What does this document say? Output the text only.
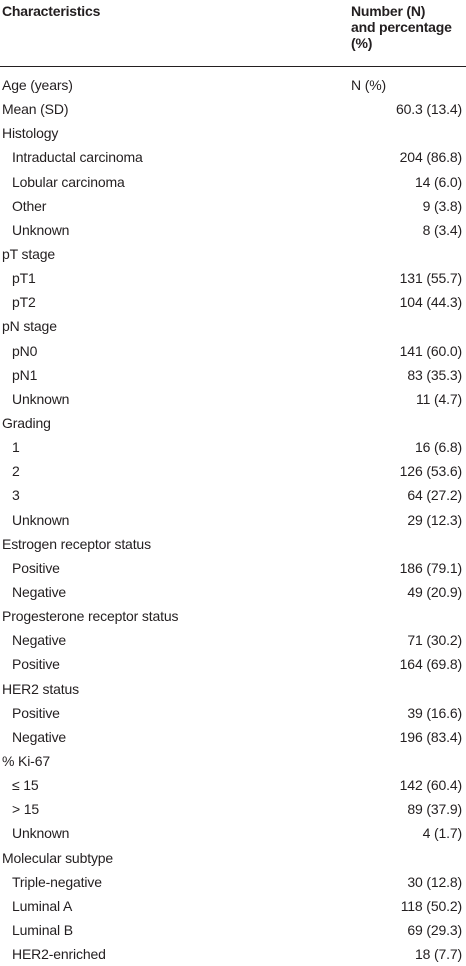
Characteristics	Number (N)
and percentage
(%)
Age (years)	N (%)
Mean (SD)	60.3 (13.4)
Histology
Intraductal carcinoma	204 (86.8)
Lobular carcinoma	14 (6.0)
Other	9 (3.8)
Unknown	8 (3.4)
pT stage
pT1	131 (55.7)
pT2	104 (44.3)
pN stage
pN0	141 (60.0)
pN1	83 (35.3)
Unknown	11 (4.7)
Grading
1	16 (6.8)
2	126 (53.6)
3	64 (27.2)
Unknown	29 (12.3)
Estrogen receptor status
Positive	186 (79.1)
Negative	49 (20.9)
Progesterone receptor status
Negative	71 (30.2)
Positive	164 (69.8)
HER2 status
Positive	39 (16.6)
Negative	196 (83.4)
% Ki-67
≤ 15	142 (60.4)
> 15	89 (37.9)
Unknown	4 (1.7)
Molecular subtype
Triple-negative	30 (12.8)
Luminal A	118 (50.2)
Luminal B	69 (29.3)
HER2-enriched	18 (7.7)
